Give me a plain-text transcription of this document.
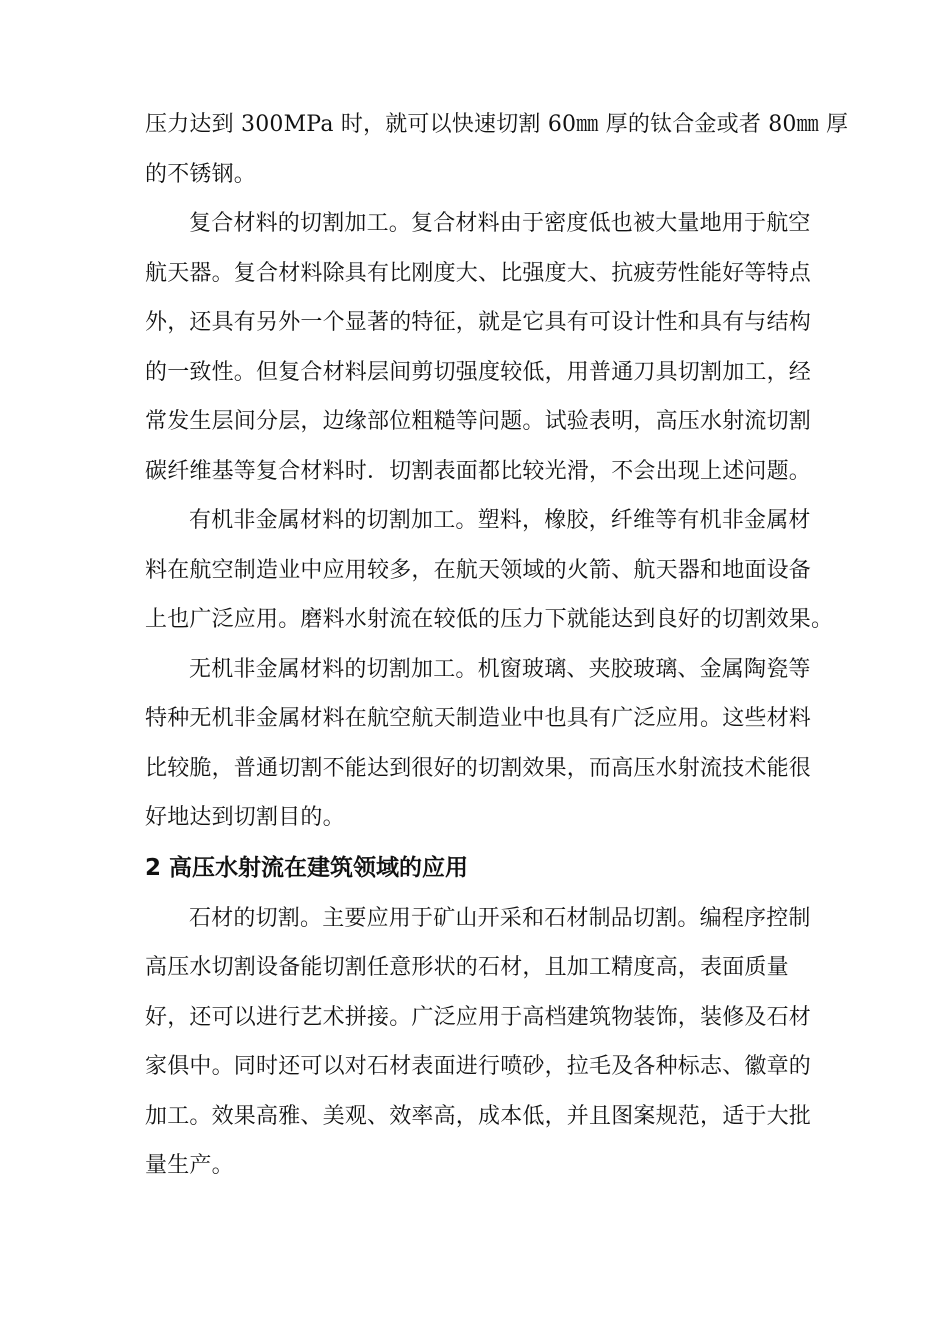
压力达到 300MPa 时，就可以快速切割 60㎜ 厚的钛合金或者 80㎜ 厚
的不锈钢。
复合材料的切割加工。复合材料由于密度低也被大量地用于航空
航天器。复合材料除具有比刚度大、比强度大、抗疲劳性能好等特点
外，还具有另外一个显著的特征，就是它具有可设计性和具有与结构
的一致性。但复合材料层间剪切强度较低，用普通刀具切割加工，经
常发生层间分层，边缘部位粗糙等问题。试验表明，高压水射流切割
碳纤维基等复合材料时．切割表面都比较光滑，不会出现上述问题。
有机非金属材料的切割加工。塑料，橡胶，纤维等有机非金属材
料在航空制造业中应用较多，在航天领域的火箭、航天器和地面设备
上也广泛应用。磨料水射流在较低的压力下就能达到良好的切割效果。
无机非金属材料的切割加工。机窗玻璃、夹胶玻璃、金属陶瓷等
特种无机非金属材料在航空航天制造业中也具有广泛应用。这些材料
比较脆，普通切割不能达到很好的切割效果，而高压水射流技术能很
好地达到切割目的。
2 高压水射流在建筑领域的应用
石材的切割。主要应用于矿山开采和石材制品切割。编程序控制
高压水切割设备能切割任意形状的石材，且加工精度高，表面质量
好，还可以进行艺术拼接。广泛应用于高档建筑物装饰，装修及石材
家俱中。同时还可以对石材表面进行喷砂，拉毛及各种标志、徽章的
加工。效果高雅、美观、效率高，成本低，并且图案规范，适于大批
量生产。
